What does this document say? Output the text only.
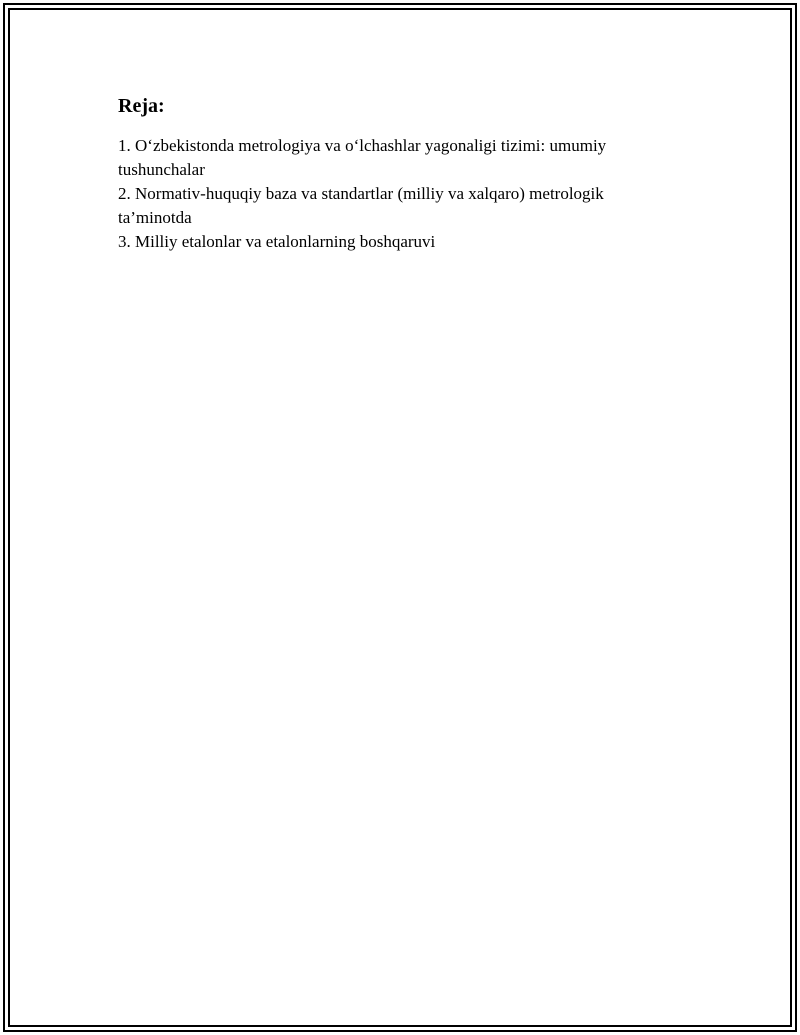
Reja:
1. O‘zbekistonda metrologiya va o‘lchashlar yagonaligi tizimi: umumiy tushunchalar
2. Normativ-huquqiy baza va standartlar (milliy va xalqaro) metrologik ta’minotda
3. Milliy etalonlar va etalonlarning boshqaruvi
